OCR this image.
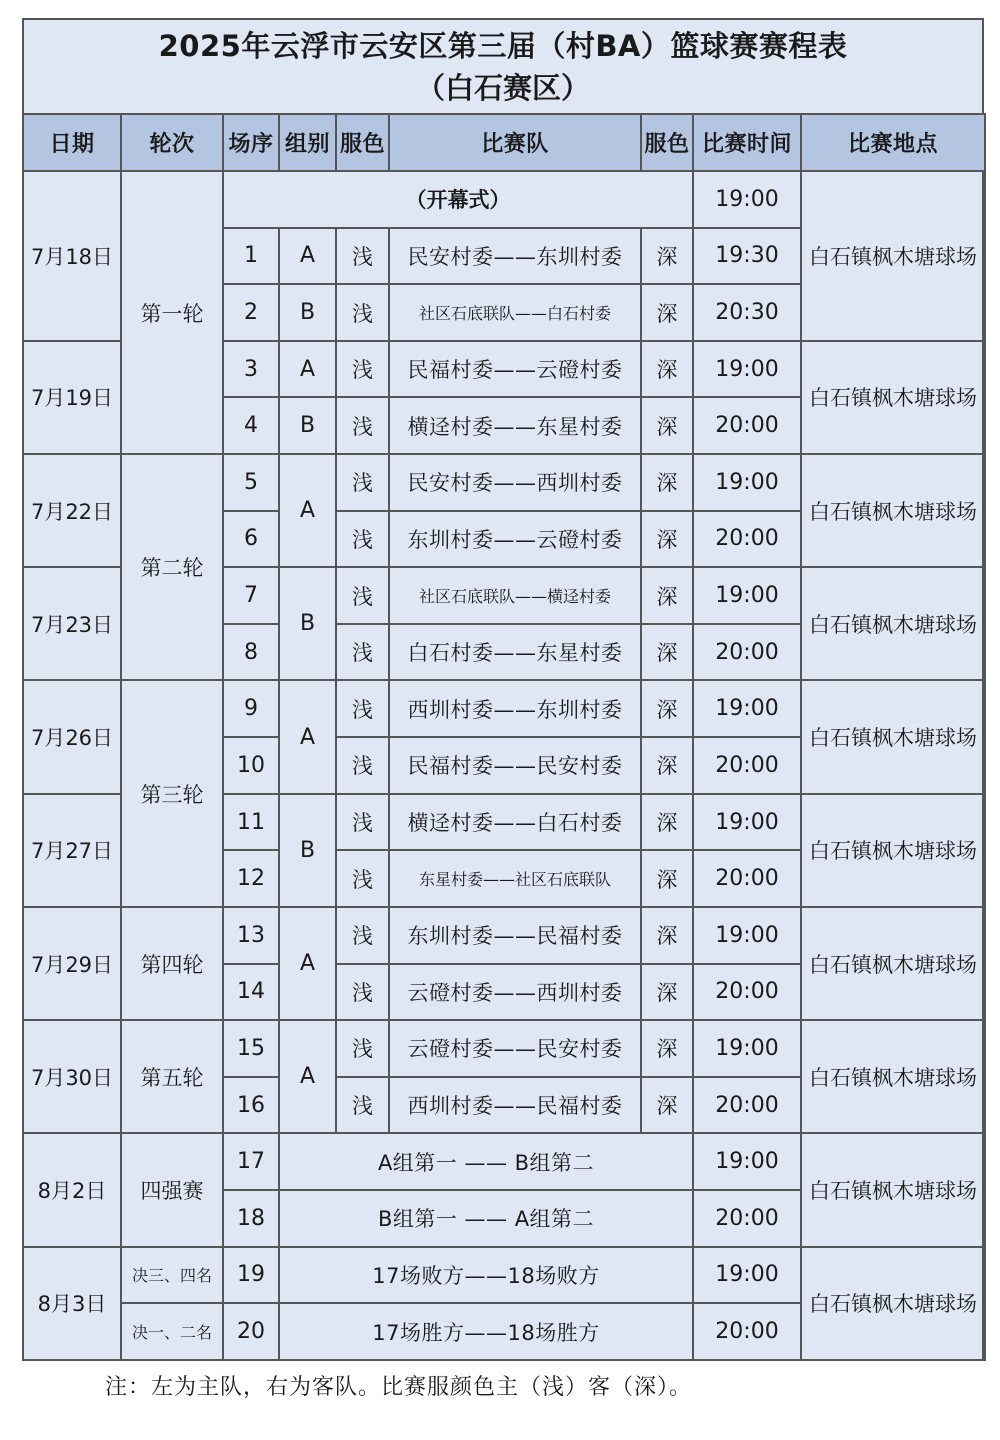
2025年云浮市云安区第三届（村BA）篮球赛赛程表
（白石赛区）
日期	轮次	场序	组别	服色	比赛队	服色	比赛时间	比赛地点
7月18日	第一轮	（开幕式）					19:00	白石镇枫木塘球场
		1	A	浅	民安村委——东圳村委	深	19:30	
		2	B	浅	社区石底联队——白石村委	深	20:30	
7月19日		3	A	浅	民福村委——云磴村委	深	19:00	白石镇枫木塘球场
		4	B	浅	横迳村委——东星村委	深	20:00	
7月22日	第二轮	5	A	浅	民安村委——西圳村委	深	19:00	白石镇枫木塘球场
		6		浅	东圳村委——云磴村委	深	20:00	
7月23日		7	B	浅	社区石底联队——横迳村委	深	19:00	白石镇枫木塘球场
		8		浅	白石村委——东星村委	深	20:00	
7月26日	第三轮	9	A	浅	西圳村委——东圳村委	深	19:00	白石镇枫木塘球场
		10		浅	民福村委——民安村委	深	20:00	
7月27日		11	B	浅	横迳村委——白石村委	深	19:00	白石镇枫木塘球场
		12		浅	东星村委——社区石底联队	深	20:00	
7月29日	第四轮	13	A	浅	东圳村委——民福村委	深	19:00	白石镇枫木塘球场
		14		浅	云磴村委——西圳村委	深	20:00	
7月30日	第五轮	15	A	浅	云磴村委——民安村委	深	19:00	白石镇枫木塘球场
		16		浅	西圳村委——民福村委	深	20:00	
8月2日	四强赛	17	A组第一 —— B组第二				19:00	白石镇枫木塘球场
		18	B组第一 —— A组第二				20:00	
8月3日	决三、四名	19	17场败方——18场败方				19:00	白石镇枫木塘球场
	决一、二名	20	17场胜方——18场胜方				20:00	
注：左为主队，右为客队。比赛服颜色主（浅）客（深）。
